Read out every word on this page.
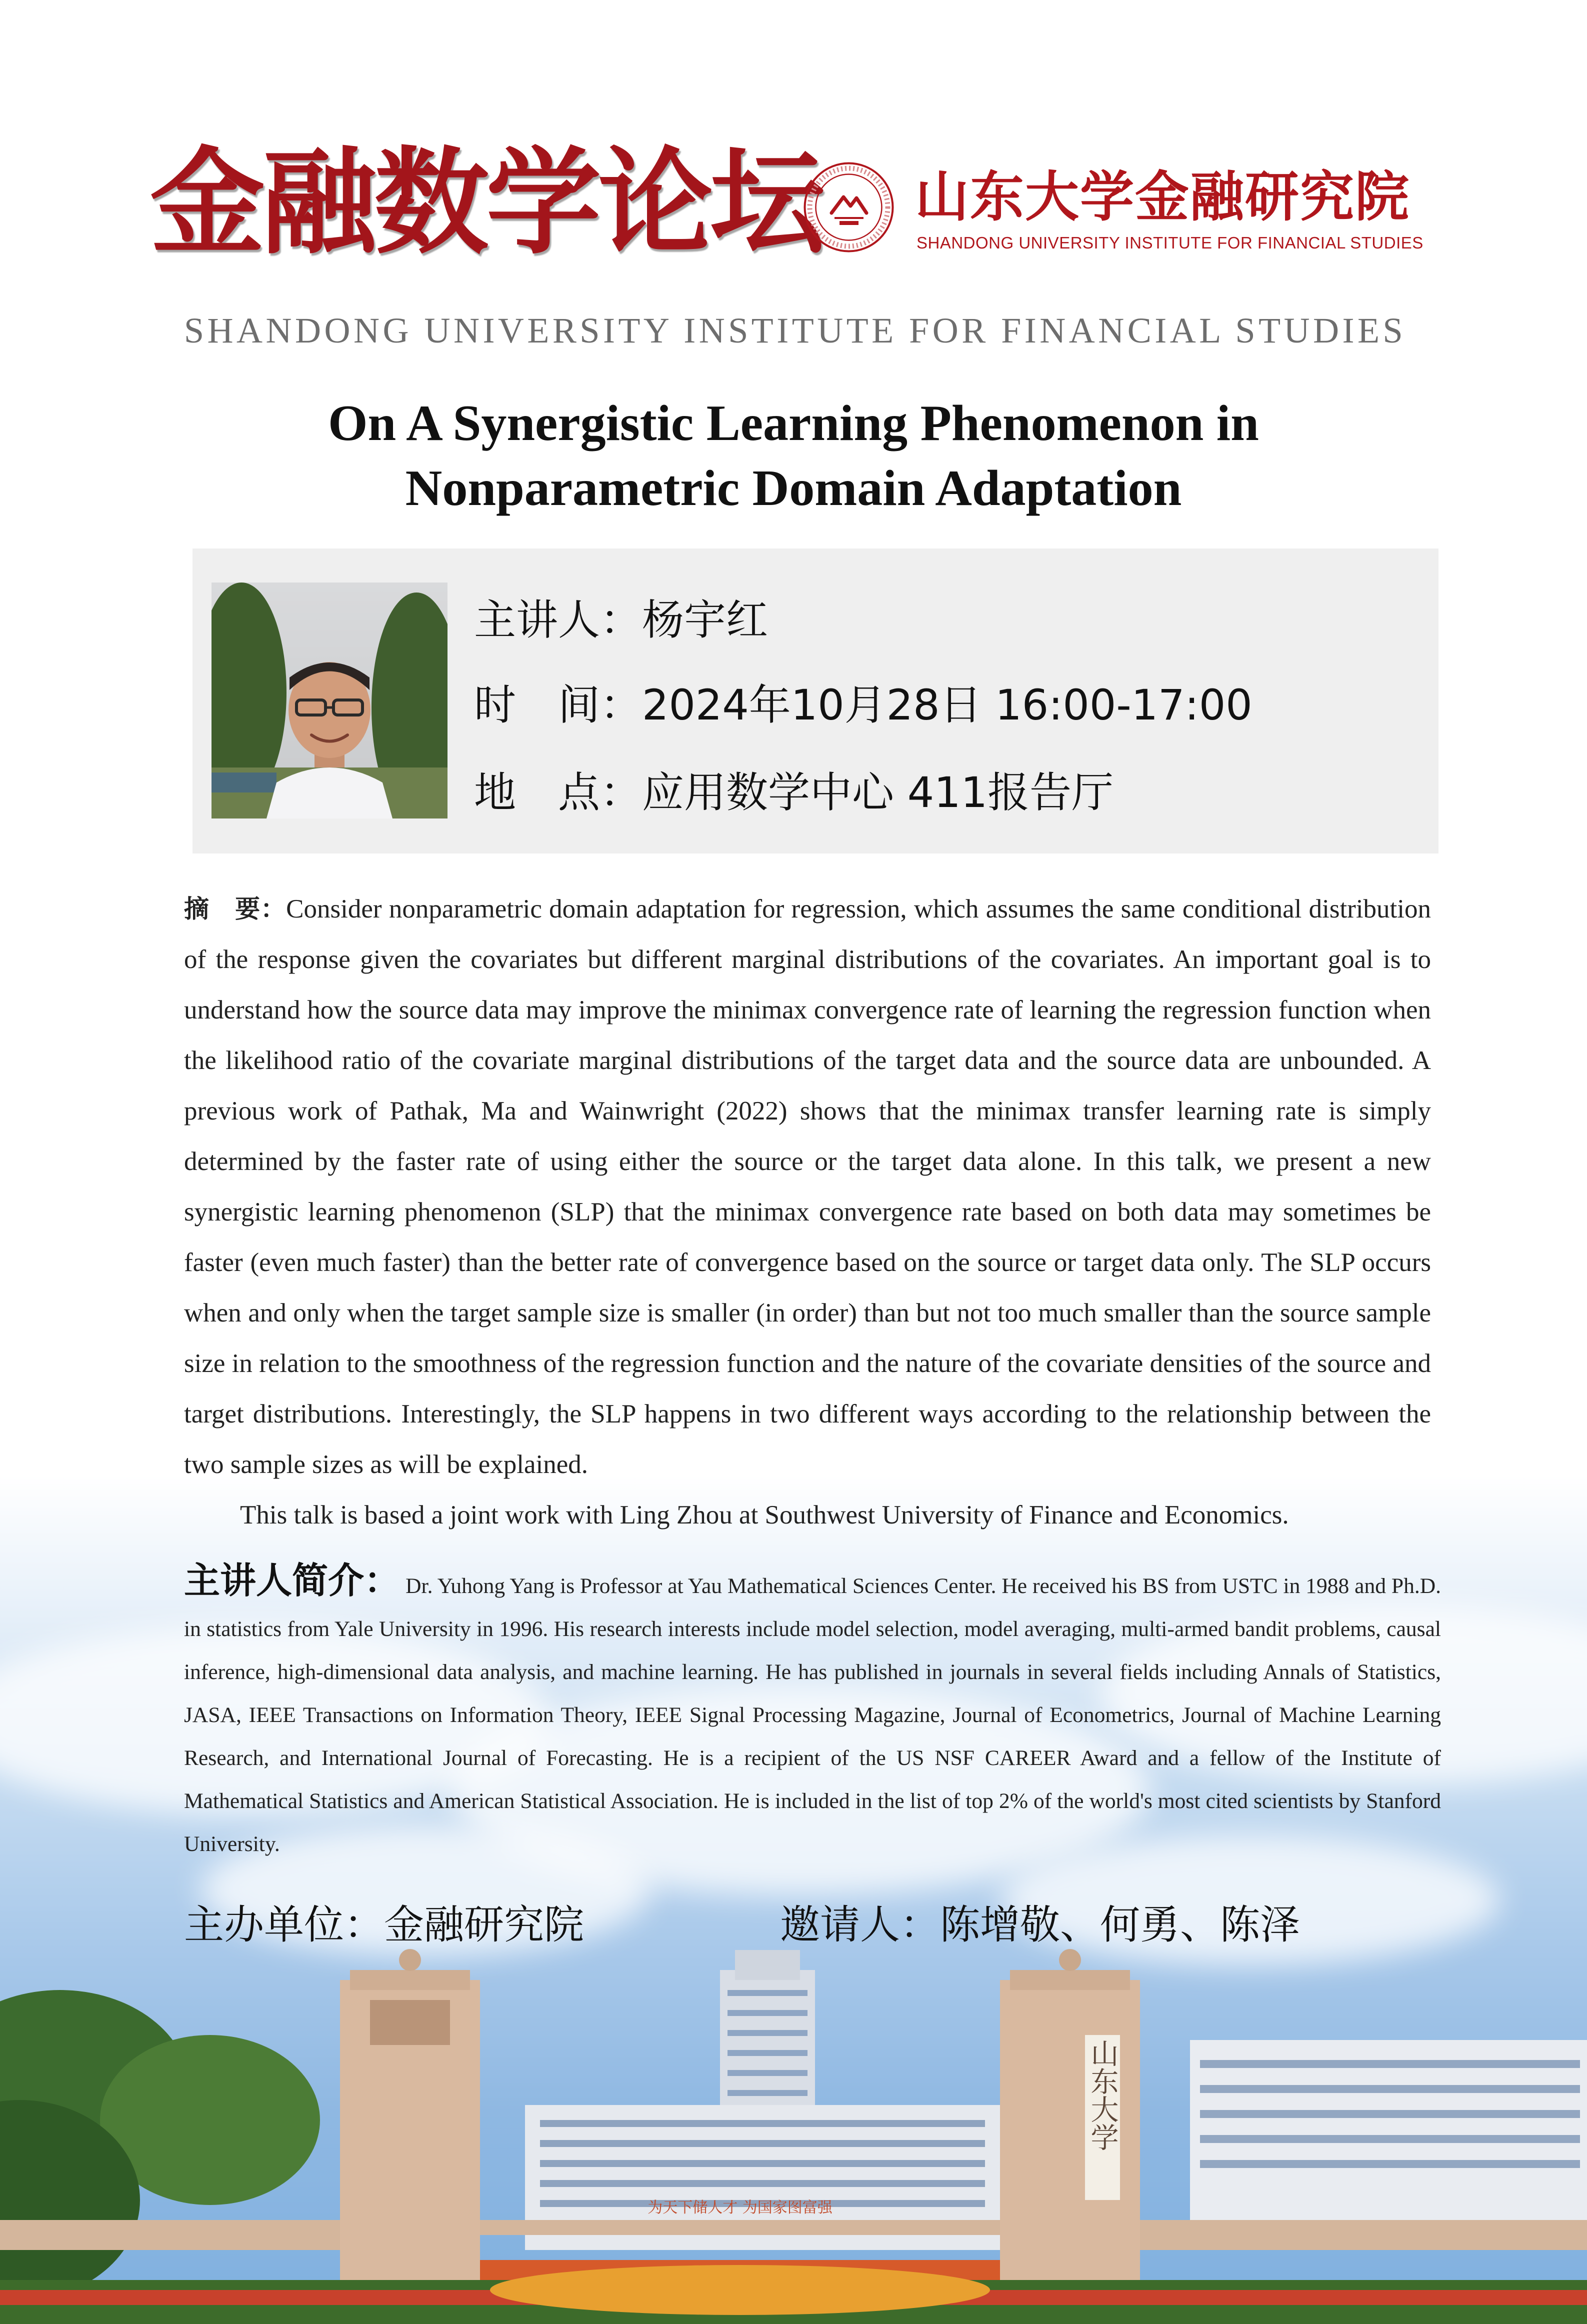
金融数学论坛 山东大学金融研究院
SHANDONG UNIVERSITY INSTITUTE FOR FINANCIAL STUDIES
SHANDONG UNIVERSITY INSTITUTE FOR FINANCIAL STUDIES
On A Synergistic Learning Phenomenon in
Nonparametric Domain Adaptation
主讲人：杨宇红
时　间：2024年10月28日 16:00-17:00
地　点：应用数学中心 411报告厅

摘　要：Consider nonparametric domain adaptation for regression, which assumes the same conditional distribution of the response given the covariates but different marginal distributions of the covariates. An important goal is to understand how the source data may improve the minimax convergence rate of learning the regression function when the likelihood ratio of the covariate marginal distributions of the target data and the source data are unbounded. A previous work of Pathak, Ma and Wainwright (2022) shows that the minimax transfer learning rate is simply determined by the faster rate of using either the source or the target data alone. In this talk, we present a new synergistic learning phenomenon (SLP) that the minimax convergence rate based on both data may sometimes be faster (even much faster) than the better rate of convergence based on the source or target data only. The SLP occurs when and only when the target sample size is smaller (in order) than but not too much smaller than the source sample size in relation to the smoothness of the regression function and the nature of the covariate densities of the source and target distributions. Interestingly, the SLP happens in two different ways according to the relationship between the two sample sizes as will be explained.

This talk is based a joint work with Ling Zhou at Southwest University of Finance and Economics.

主讲人简介： Dr. Yuhong Yang is Professor at Yau Mathematical Sciences Center. He received his BS from USTC in 1988 and Ph.D. in statistics from Yale University in 1996. His research interests include model selection, model averaging, multi-armed bandit problems, causal inference, high-dimensional data analysis, and machine learning. He has published in journals in several fields including Annals of Statistics, JASA, IEEE Transactions on Information Theory, IEEE Signal Processing Magazine, Journal of Econometrics, Journal of Machine Learning Research, and International Journal of Forecasting. He is a recipient of the US NSF CAREER Award and a fellow of the Institute of Mathematical Statistics and American Statistical Association. He is included in the list of top 2% of the world's most cited scientists by Stanford University.
主办单位：金融研究院	邀请人：陈增敬、何勇、陈泽
山东大学
为天下储人才 为国家图富强
